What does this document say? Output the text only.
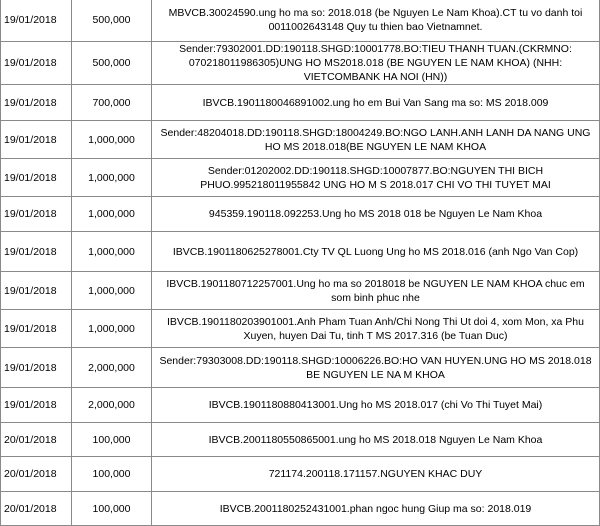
19/01/2018	500,000	MBVCB.30024590.ung ho ma so: 2018.018 (be Nguyen Le Nam Khoa).CT tu vo danh toi 0011002643148 Quy tu thien bao Vietnamnet.
19/01/2018	500,000	Sender:79302001.DD:190118.SHGD:10001778.BO:TIEU THANH TUAN.(CKRMNO: 070218011986305)UNG HO MS2018.018 (BE NGUYEN LE NAM KHOA) (NHH: VIETCOMBANK HA NOI (HN))
19/01/2018	700,000	IBVCB.1901180046891002.ung ho em Bui Van Sang ma so: MS 2018.009
19/01/2018	1,000,000	Sender:48204018.DD:190118.SHGD:18004249.BO:NGO LANH.ANH LANH DA NANG UNG HO MS 2018.018(BE NGUYEN LE NAM KHOA
19/01/2018	1,000,000	Sender:01202002.DD:190118.SHGD:10007877.BO:NGUYEN THI BICH PHUO.995218011955842 UNG HO M S 2018.017 CHI VO THI TUYET MAI
19/01/2018	1,000,000	945359.190118.092253.Ung ho MS 2018 018 be Nguyen Le Nam Khoa
19/01/2018	1,000,000	IBVCB.1901180625278001.Cty TV QL Luong Ung ho MS 2018.016 (anh Ngo Van Cop)
19/01/2018	1,000,000	IBVCB.1901180712257001.Ung ho ma so 2018018 be NGUYEN LE NAM KHOA chuc em som binh phuc nhe
19/01/2018	1,000,000	IBVCB.1901180203901001.Anh Pham Tuan Anh/Chi Nong Thi Ut doi 4, xom Mon, xa Phu Xuyen, huyen Dai Tu, tinh T MS 2017.316 (be Tuan Duc)
19/01/2018	2,000,000	Sender:79303008.DD:190118.SHGD:10006226.BO:HO VAN HUYEN.UNG HO MS 2018.018 BE NGUYEN LE NA M KHOA
19/01/2018	2,000,000	IBVCB.1901180880413001.Ung ho MS 2018.017 (chi Vo Thi Tuyet Mai)
20/01/2018	100,000	IBVCB.2001180550865001.ung ho MS 2018.018 Nguyen Le Nam Khoa
20/01/2018	100,000	721174.200118.171157.NGUYEN KHAC DUY
20/01/2018	100,000	IBVCB.2001180252431001.phan ngoc hung Giup ma so: 2018.019
